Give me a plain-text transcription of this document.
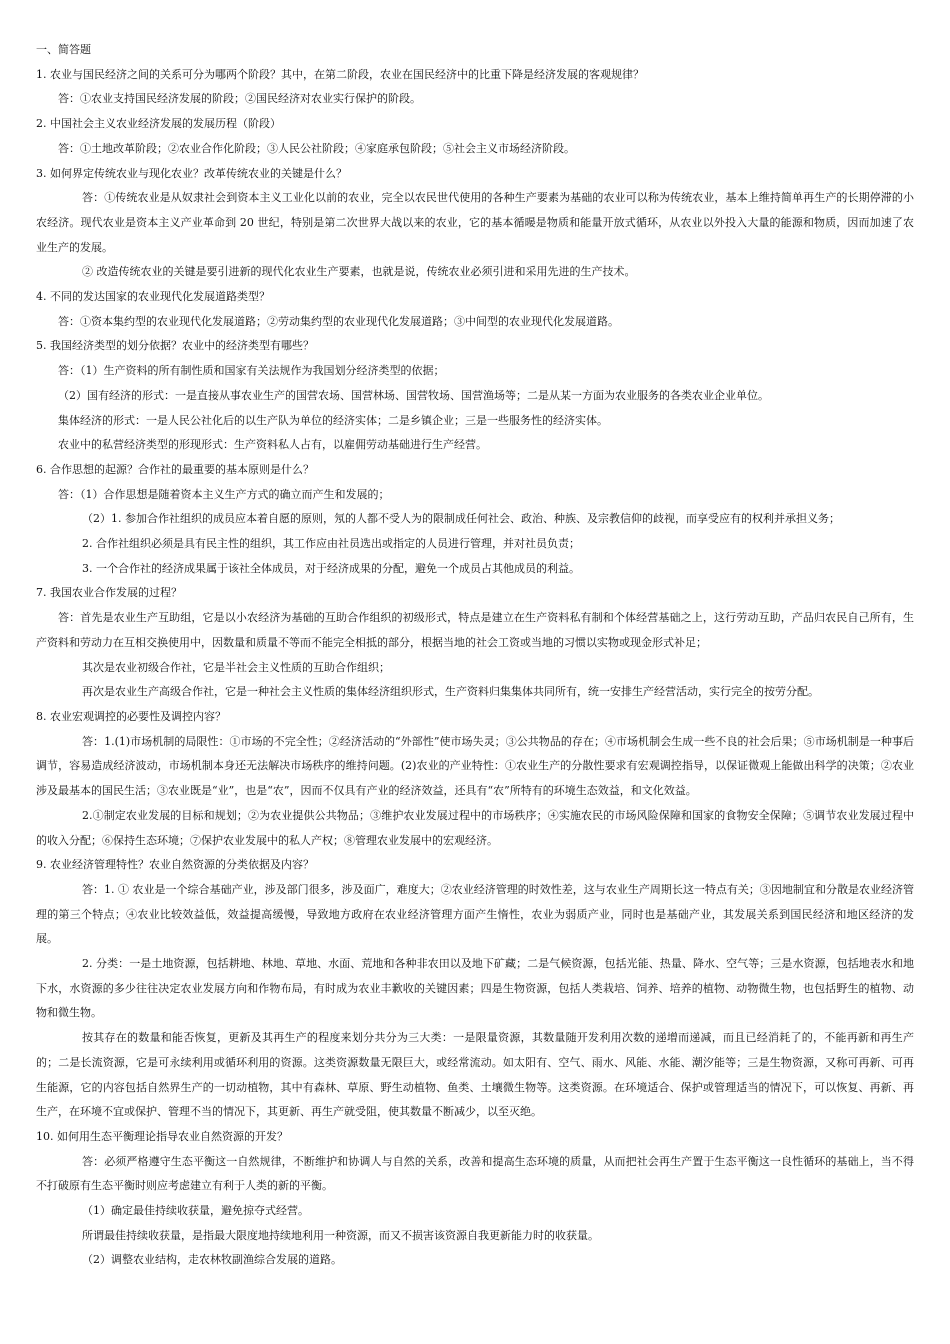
一、简答题

1. 农业与国民经济之间的关系可分为哪两个阶段？其中，在第二阶段，农业在国民经济中的比重下降是经济发展的客观规律？

答：①农业支持国民经济发展的阶段；②国民经济对农业实行保护的阶段。

2. 中国社会主义农业经济发展的发展历程（阶段）

答：①土地改革阶段；②农业合作化阶段；③人民公社阶段；④家庭承包阶段；⑤社会主义市场经济阶段。

3. 如何界定传统农业与现化农业？改革传统农业的关键是什么？

答：①传统农业是从奴隶社会到资本主义工业化以前的农业，完全以农民世代使用的各种生产要素为基础的农业可以称为传统农业，基本上维持简单再生产的长期停滞的小农经济。现代农业是资本主义产业革命到 20 世纪，特别是第二次世界大战以来的农业，它的基本循暥是物质和能量开放式循环，从农业以外投入大量的能源和物质，因而加速了农业生产的发展。

② 改造传统农业的关键是要引进新的现代化农业生产要素，也就是说，传统农业必须引进和采用先进的生产技术。

4. 不同的发达国家的农业现代化发展道路类型？

答：①资本集约型的农业现代化发展道路；②劳动集约型的农业现代化发展道路；③中间型的农业现代化发展道路。

5. 我国经济类型的划分依据？农业中的经济类型有哪些？

答：（1）生产资料的所有制性质和国家有关法规作为我国划分经济类型的依据；

（2）国有经济的形式：一是直接从事农业生产的国营农场、国营林场、国营牧场、国营渔场等；二是从某一方面为农业服务的各类农业企业单位。

集体经济的形式：一是人民公社化后的以生产队为单位的经济实体；二是乡镇企业；三是一些服务性的经济实体。

农业中的私营经济类型的形现形式：生产资料私人占有，以雇佣劳动基础进行生产经营。

6. 合作思想的起源？合作社的最重要的基本原则是什么？

答：（1）合作思想是随着资本主义生产方式的确立而产生和发展的；

（2）1. 参加合作社组织的成员应本着自愿的原则，氖的人都不受人为的限制成任何社会、政治、种族、及宗教信仰的歧视，而享受应有的权利并承担义务；

2. 合作社组织必须是具有民主性的组织，其工作应由社员选出或指定的人员进行管理，并对社员负责；

3. 一个合作社的经济成果属于该社全体成员，对于经济成果的分配，避免一个成员占其他成员的利益。

7. 我国农业合作发展的过程？

答：首先是农业生产互助组，它是以小农经济为基础的互助合作组织的初级形式，特点是建立在生产资料私有制和个体经营基础之上，这行劳动互助，产品归农民自己所有，生产资料和劳动力在互相交换使用中，因数量和质量不等而不能完全相抵的部分，根据当地的社会工资或当地的习惯以实物或现金形式补足；

其次是农业初级合作社，它是半社会主义性质的互助合作组织；

再次是农业生产高级合作社，它是一种社会主义性质的集体经济组织形式，生产资料归集集体共同所有，统一安排生产经营活动，实行完全的按劳分配。

8. 农业宏观调控的必要性及调控内容？

答：1.(1)市场机制的局限性：①市场的不完全性；②经济活动的“外部性”使市场失灵；③公共物品的存在；④市场机制会生成一些不良的社会后果；⑤市场机制是一种事后调节，容易造成经济波动，市场机制本身还无法解决市场秩序的维持问题。(2)农业的产业特性：①农业生产的分散性要求有宏观调控指导，以保证微观上能做出科学的决策；②农业涉及最基本的国民生活；③农业既是“业”，也是“农”，因而不仅具有产业的经济效益，还具有“农”所特有的环境生态效益，和文化效益。

2.①制定农业发展的目标和规划；②为农业提供公共物品；③维护农业发展过程中的市场秩序；④实施农民的市场风险保障和国家的食物安全保障；⑤调节农业发展过程中的收入分配；⑥保持生态环境；⑦保护农业发展中的私人产权；⑧管理农业发展中的宏观经济。

9. 农业经济管理特性？农业自然资源的分类依据及内容？

答：1. ① 农业是一个综合基础产业，涉及部门很多，涉及面广，难度大；②农业经济管理的时效性差，这与农业生产周期长这一特点有关；③因地制宜和分散是农业经济管理的第三个特点；④农业比较效益低，效益提高缓慢，导致地方政府在农业经济管理方面产生惰性，农业为弱质产业，同时也是基础产业，其发展关系到国民经济和地区经济的发展。

2. 分类：一是土地资源，包括耕地、林地、草地、水面、荒地和各种非农田以及地下矿藏；二是气候资源，包括光能、热量、降水、空气等；三是水资源，包括地表水和地下水，水资源的多少往往决定农业发展方向和作物布局，有时成为农业丰歉收的关键因素；四是生物资源，包括人类栽培、饲养、培养的植物、动物微生物，也包括野生的植物、动物和微生物。

按其存在的数量和能否恢复，更新及其再生产的程度来划分共分为三大类：一是限量资源，其数量随开发利用次数的递增而递减，而且已经消耗了的，不能再新和再生产的；二是长流资源，它是可永续利用或循环利用的资源。这类资源数量无限巨大，或经常流动。如太阳有、空气、雨水、风能、水能、潮汐能等；三是生物资源，又称可再新、可再生能源，它的内容包括自然界生产的一切动植物，其中有森林、草原、野生动植物、鱼类、土壤微生物等。这类资源。在环境适合、保护或管理适当的情况下，可以恢复、再新、再生产，在环境不宜或保护、管理不当的情况下，其更新、再生产就受阻，使其数量不断减少，以至灭绝。

10. 如何用生态平衡理论指导农业自然资源的开发？

答：必须严格遵守生态平衡这一自然规律，不断维护和协调人与自然的关系，改善和提高生态环境的质量，从而把社会再生产置于生态平衡这一良性循环的基础上，当不得不打破原有生态平衡时则应考虑建立有利于人类的新的平衡。

（1）确定最佳持续收获量，避免掠夺式经营。

所谓最佳持续收获量，是指最大限度地持续地利用一种资源，而又不损害该资源自我更新能力时的收获量。

（2）调整农业结构，走农林牧副渔综合发展的道路。
